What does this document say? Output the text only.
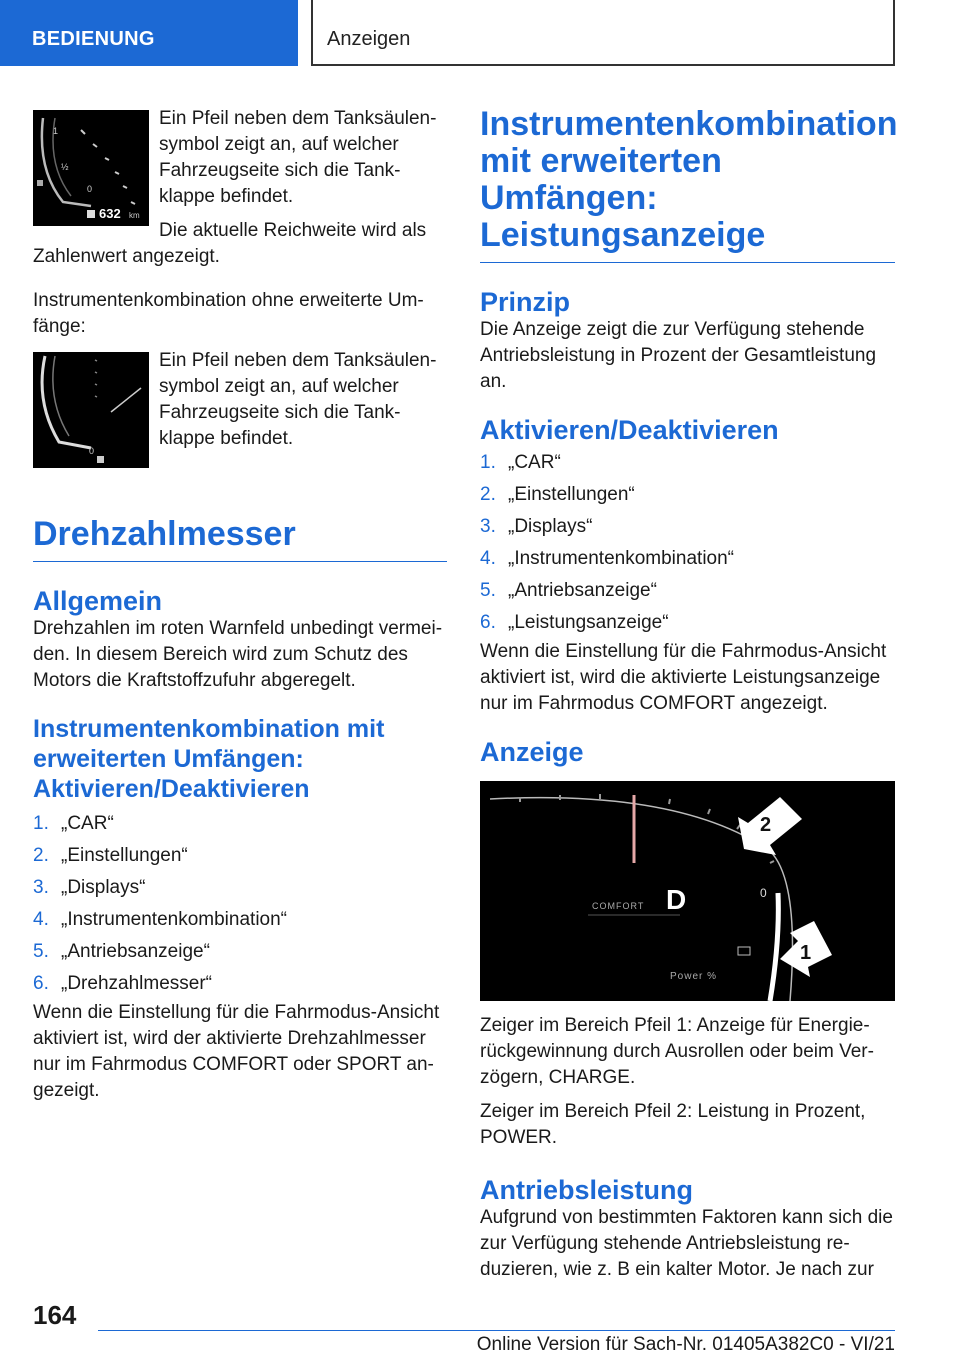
BEDIENUNG	Anzeigen
1
½
0
632 km

Ein Pfeil neben dem Tanksäulen-symbol zeigt an, auf welcher Fahrzeugseite sich die Tank-klappe befindet.

Die aktuelle Reichweite wird als Zahlenwert angezeigt.

Instrumentenkombination ohne erweiterte Um-fänge:

0

Ein Pfeil neben dem Tanksäulen-symbol zeigt an, auf welcher Fahrzeugseite sich die Tank-klappe befindet.

Drehzahlmesser
Allgemein

Drehzahlen im roten Warnfeld unbedingt vermei-den. In diesem Bereich wird zum Schutz des Motors die Kraftstoffzufuhr abgeregelt.

Instrumentenkombination mit erweiterten Umfängen: Aktivieren/Deaktivieren
1. „CAR“
2. „Einstellungen“
3. „Displays“
4. „Instrumentenkombination“
5. „Antriebsanzeige“
6. „Drehzahlmesser“

Wenn die Einstellung für die Fahrmodus-Ansicht aktiviert ist, wird der aktivierte Drehzahlmesser nur im Fahrmodus COMFORT oder SPORT an-gezeigt.

Instrumentenkombination mit erweiterten Umfängen: Leistungsanzeige
Prinzip

Die Anzeige zeigt die zur Verfügung stehende Antriebsleistung in Prozent der Gesamtleistung an.

Aktivieren/Deaktivieren
1. „CAR“
2. „Einstellungen“
3. „Displays“
4. „Instrumentenkombination“
5. „Antriebsanzeige“
6. „Leistungsanzeige“

Wenn die Einstellung für die Fahrmodus-Ansicht aktiviert ist, wird die aktivierte Leistungsanzeige nur im Fahrmodus COMFORT angezeigt.

Anzeige
0
COMFORT D
Power %
2
1

Zeiger im Bereich Pfeil 1: Anzeige für Energie-rückgewinnung durch Ausrollen oder beim Ver-zögern, CHARGE.

Zeiger im Bereich Pfeil 2: Leistung in Prozent, POWER.

Antriebsleistung

Aufgrund von bestimmten Faktoren kann sich die zur Verfügung stehende Antriebsleistung re-duzieren, wie z. B ein kalter Motor. Je nach zur

164
Online Version für Sach-Nr. 01405A382C0 - VI/21
